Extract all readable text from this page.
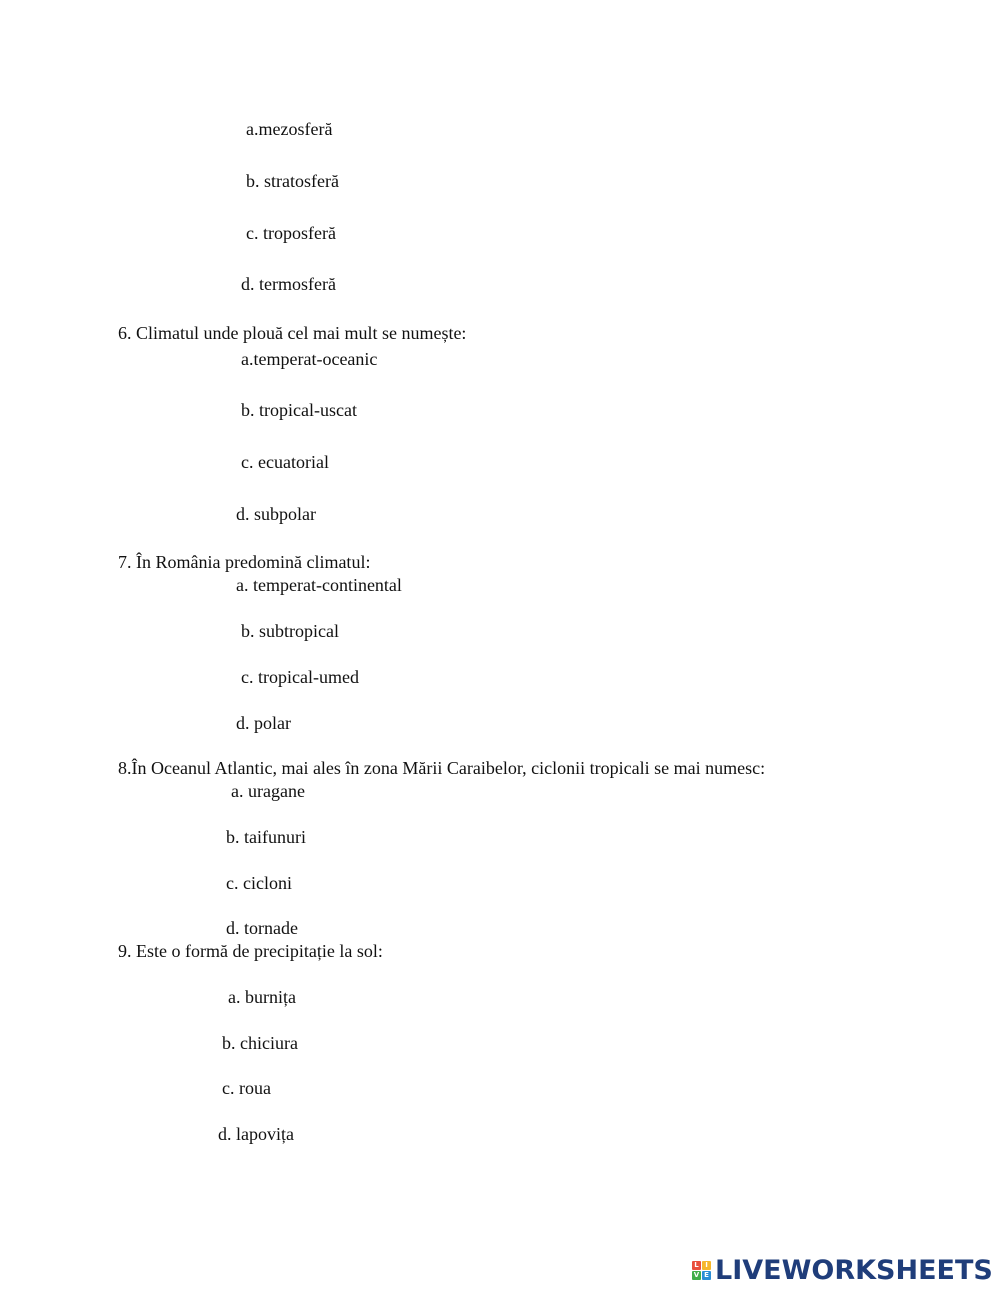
a.mezosferă
b. stratosferă
c. troposferă
d. termosferă
6. Climatul unde plouă cel mai mult se numește:
a.temperat-oceanic
b. tropical-uscat
c. ecuatorial
d. subpolar
7. În România predomină climatul:
a. temperat-continental
b. subtropical
c. tropical-umed
d. polar
8.În Oceanul Atlantic, mai ales în zona Mării Caraibelor, ciclonii tropicali se mai numesc:
a. uragane
b. taifunuri
c. cicloni
d. tornade
9. Este o formă de precipitație la sol:
a. burnița
b. chiciura
c. roua
d. lapovița
L I
V E LIVEWORKSHEETS
